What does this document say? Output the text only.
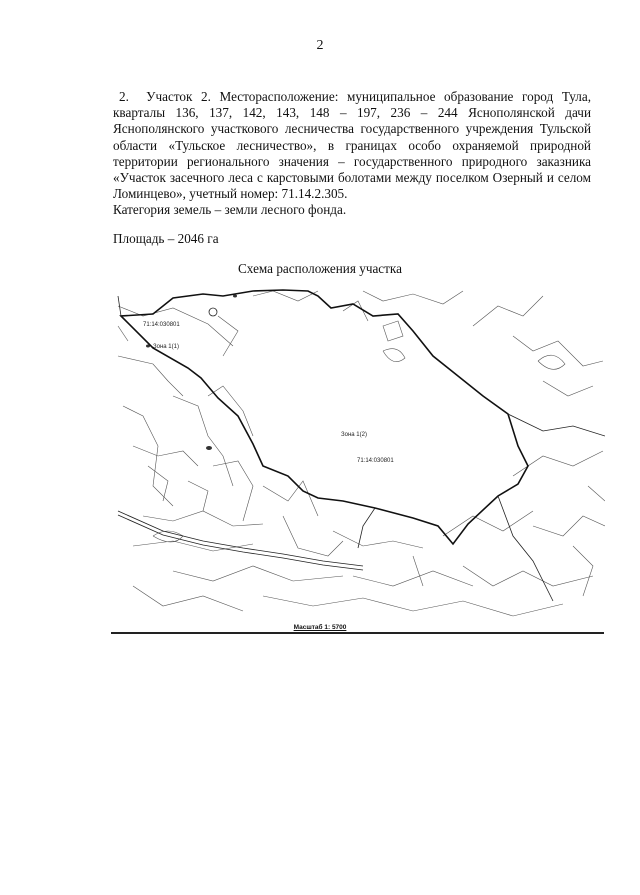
2

2. Участок 2. Месторасположение: муниципальное образование город Тула, кварталы 136, 137, 142, 143, 148 – 197, 236 – 244 Яснополянской дачи Яснополянского участкового лесничества государственного учреждения Тульской области «Тульское лесничество», в границах особо охраняемой природной территории регионального значения – государственного природного заказника «Участок засечного леса с карстовыми болотами между поселком Озерный и селом Ломинцево», учетный номер: 71.14.2.305.

Категория земель – земли лесного фонда.

Площадь – 2046 га

Схема расположения участка

71:14:030801
Зона 1(1)
Зона 1(2)
71:14:030801
Масштаб 1: 5700
